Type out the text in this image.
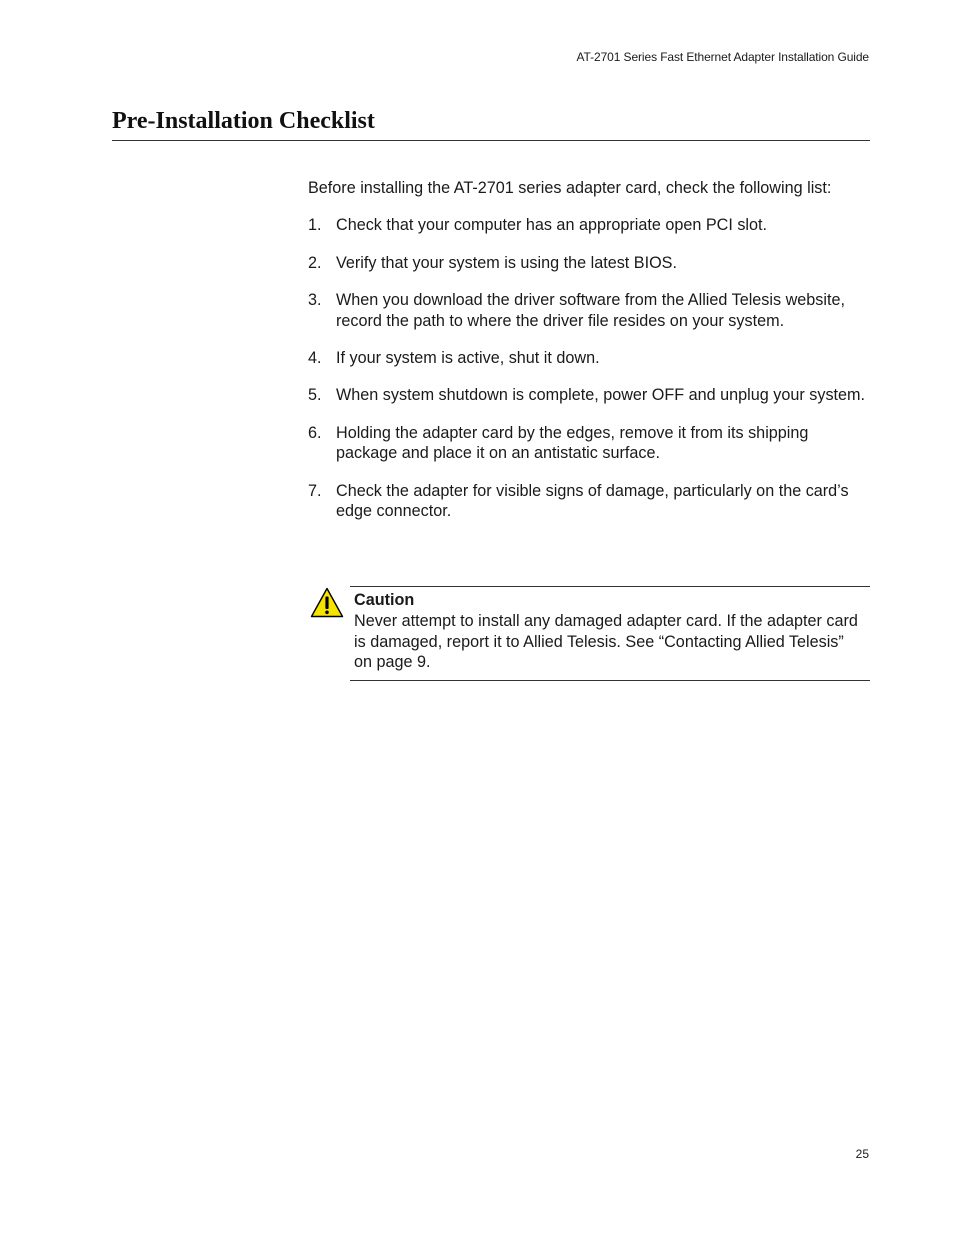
AT-2701 Series Fast Ethernet Adapter Installation Guide
Pre-Installation Checklist

Before installing the AT-2701 series adapter card, check the following list:

1. Check that your computer has an appropriate open PCI slot.
2. Verify that your system is using the latest BIOS.
3. When you download the driver software from the Allied Telesis website, record the path to where the driver file resides on your system.
4. If your system is active, shut it down.
5. When system shutdown is complete, power OFF and unplug your system.
6. Holding the adapter card by the edges, remove it from its shipping package and place it on an antistatic surface.
7. Check the adapter for visible signs of damage, particularly on the card’s edge connector.
Caution

Never attempt to install any damaged adapter card. If the adapter card is damaged, report it to Allied Telesis. See “Contacting Allied Telesis” on page 9.

25
